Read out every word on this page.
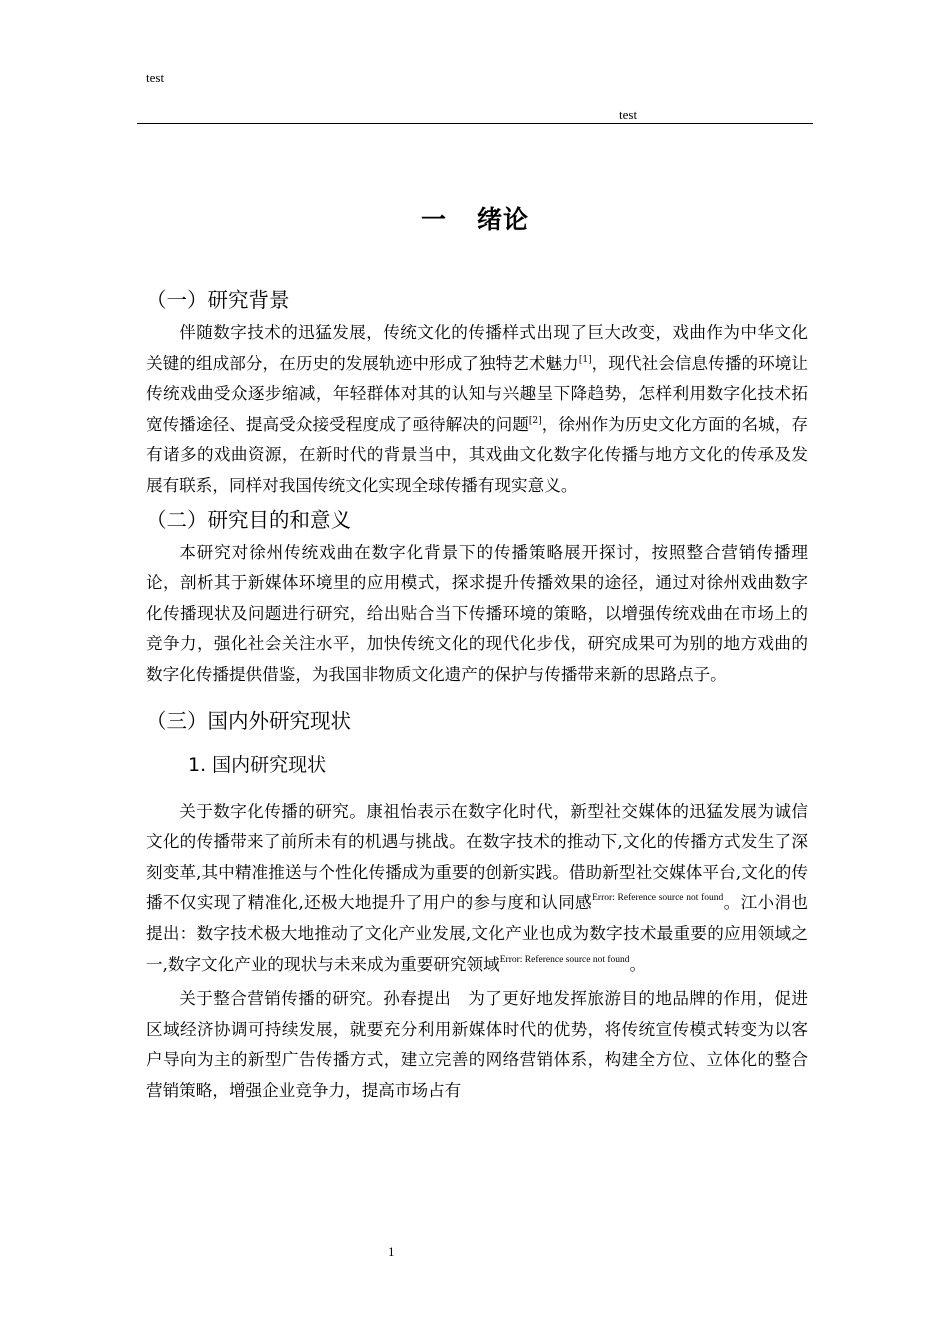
test
test
一 绪论
（一）研究背景

伴随数字技术的迅猛发展，传统文化的传播样式出现了巨大改变，戏曲作为中华文化关键的组成部分，在历史的发展轨迹中形成了独特艺术魅力[1]，现代社会信息传播的环境让传统戏曲受众逐步缩减，年轻群体对其的认知与兴趣呈下降趋势，怎样利用数字化技术拓宽传播途径、提高受众接受程度成了亟待解决的问题[2]，徐州作为历史文化方面的名城，存有诸多的戏曲资源，在新时代的背景当中，其戏曲文化数字化传播与地方文化的传承及发展有联系，同样对我国传统文化实现全球传播有现实意义。

（二）研究目的和意义

本研究对徐州传统戏曲在数字化背景下的传播策略展开探讨，按照整合营销传播理论，剖析其于新媒体环境里的应用模式，探求提升传播效果的途径，通过对徐州戏曲数字化传播现状及问题进行研究，给出贴合当下传播环境的策略，以增强传统戏曲在市场上的竞争力，强化社会关注水平，加快传统文化的现代化步伐，研究成果可为别的地方戏曲的数字化传播提供借鉴，为我国非物质文化遗产的保护与传播带来新的思路点子。

（三）国内外研究现状
1. 国内研究现状

关于数字化传播的研究。康祖怡表示在数字化时代，新型社交媒体的迅猛发展为诚信文化的传播带来了前所未有的机遇与挑战。在数字技术的推动下,文化的传播方式发生了深刻变革,其中精准推送与个性化传播成为重要的创新实践。借助新型社交媒体平台,文化的传播不仅实现了精准化,还极大地提升了用户的参与度和认同感$^{Error: Reference source not found}$。江小涓也提出：数字技术极大地推动了文化产业发展,文化产业也成为数字技术最重要的应用领域之一,数字文化产业的现状与未来成为重要研究领域$^{Error: Reference source not found}$。

关于整合营销传播的研究。孙春提出　为了更好地发挥旅游目的地品牌的作用，促进区域经济协调可持续发展，就要充分利用新媒体时代的优势，将传统宣传模式转变为以客户导向为主的新型广告传播方式，建立完善的网络营销体系，构建全方位、立体化的整合营销策略，增强企业竞争力，提高市场占有

1
